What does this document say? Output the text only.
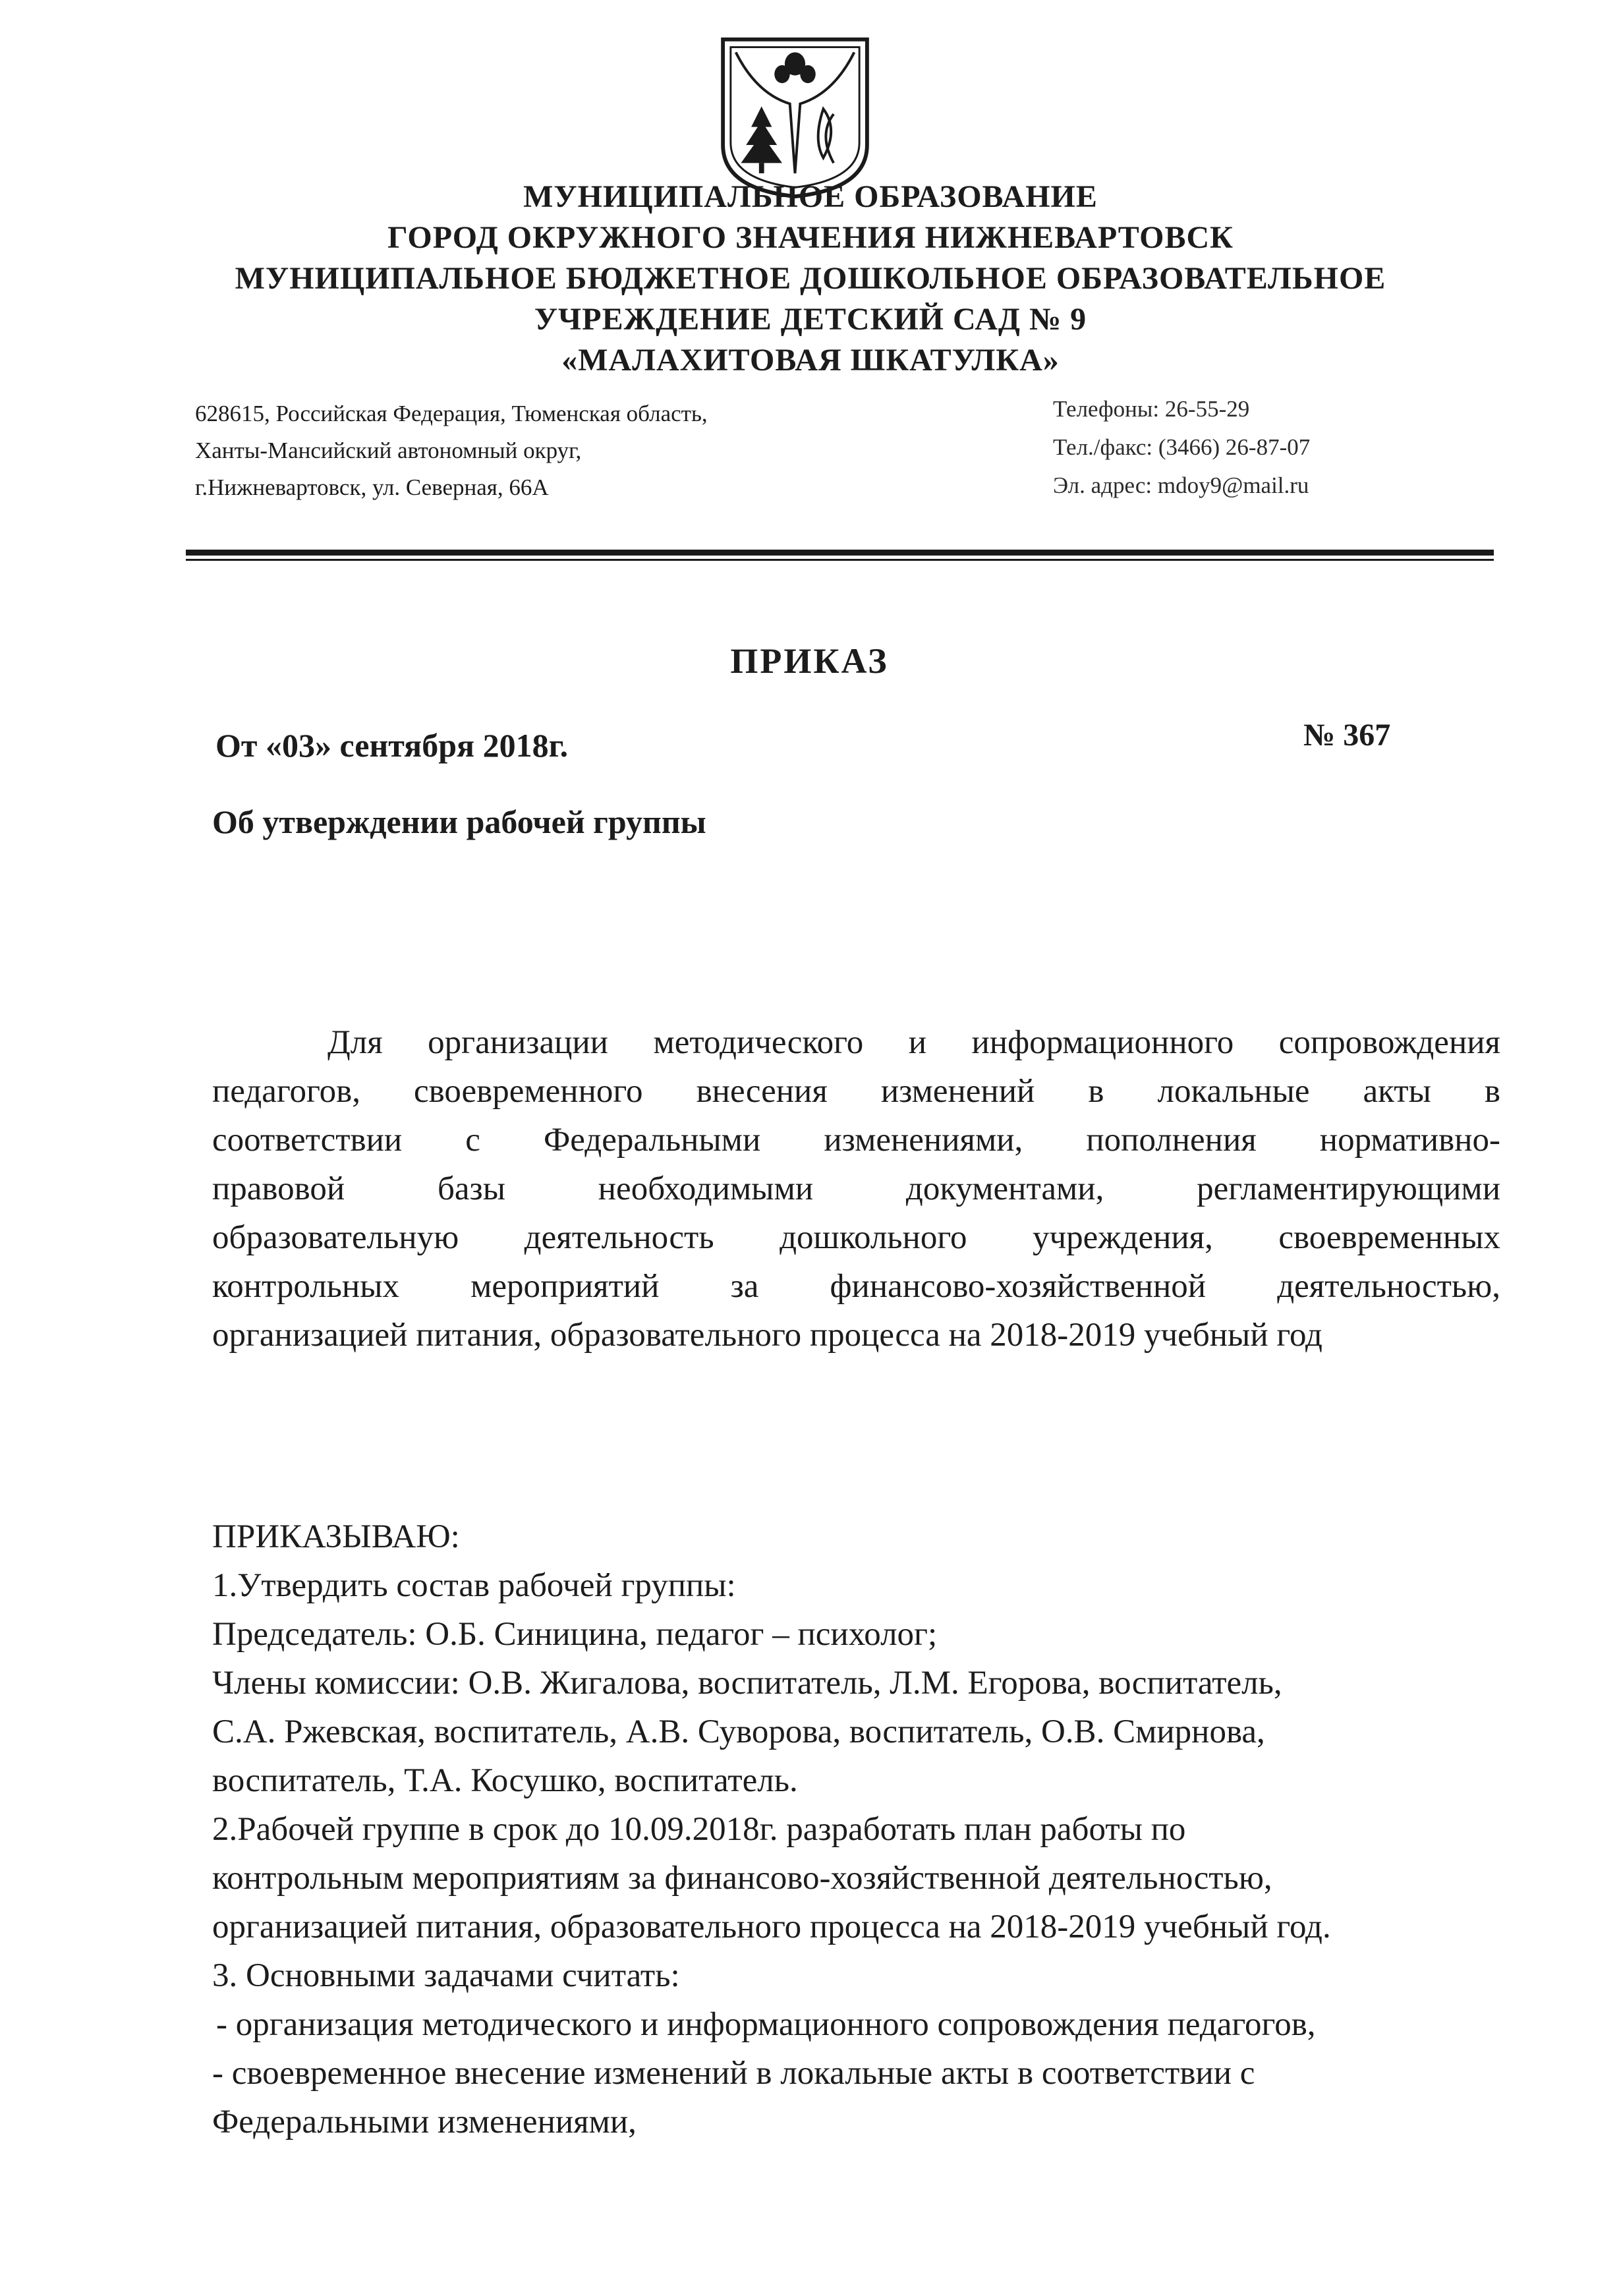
МУНИЦИПАЛЬНОЕ ОБРАЗОВАНИЕ
ГОРОД ОКРУЖНОГО ЗНАЧЕНИЯ НИЖНЕВАРТОВСК
МУНИЦИПАЛЬНОЕ БЮДЖЕТНОЕ ДОШКОЛЬНОЕ ОБРАЗОВАТЕЛЬНОЕ
УЧРЕЖДЕНИЕ ДЕТСКИЙ САД № 9
«МАЛАХИТОВАЯ ШКАТУЛКА»
628615, Российская Федерация, Тюменская область,
Ханты-Мансийский автономный округ,
г.Нижневартовск, ул. Северная, 66А
Телефоны: 26-55-29
Тел./факс: (3466) 26-87-07
Эл. адрес: mdoy9@mail.ru
ПРИКАЗ
От «03» сентября 2018г.	№ 367
Об утверждении рабочей группы
Для организации методического и информационного сопровождения
педагогов, своевременного внесения изменений в локальные акты в
соответствии с Федеральными изменениями, пополнения нормативно-
правовой базы необходимыми документами, регламентирующими
образовательную деятельность дошкольного учреждения, своевременных
контрольных мероприятий за финансово-хозяйственной деятельностью,
организацией питания, образовательного процесса на 2018-2019 учебный год
ПРИКАЗЫВАЮ:
1.Утвердить состав рабочей группы:
Председатель: О.Б. Синицина, педагог – психолог;
Члены комиссии: О.В. Жигалова, воспитатель, Л.М. Егорова, воспитатель,
С.А. Ржевская, воспитатель, А.В. Суворова, воспитатель, О.В. Смирнова,
воспитатель, Т.А. Косушко, воспитатель.
2.Рабочей группе в срок до 10.09.2018г. разработать план работы по
контрольным мероприятиям за финансово-хозяйственной деятельностью,
организацией питания, образовательного процесса на 2018-2019 учебный год.
3. Основными задачами считать:
- организация методического и информационного сопровождения педагогов,
- своевременное внесение изменений в локальные акты в соответствии с
Федеральными изменениями,
